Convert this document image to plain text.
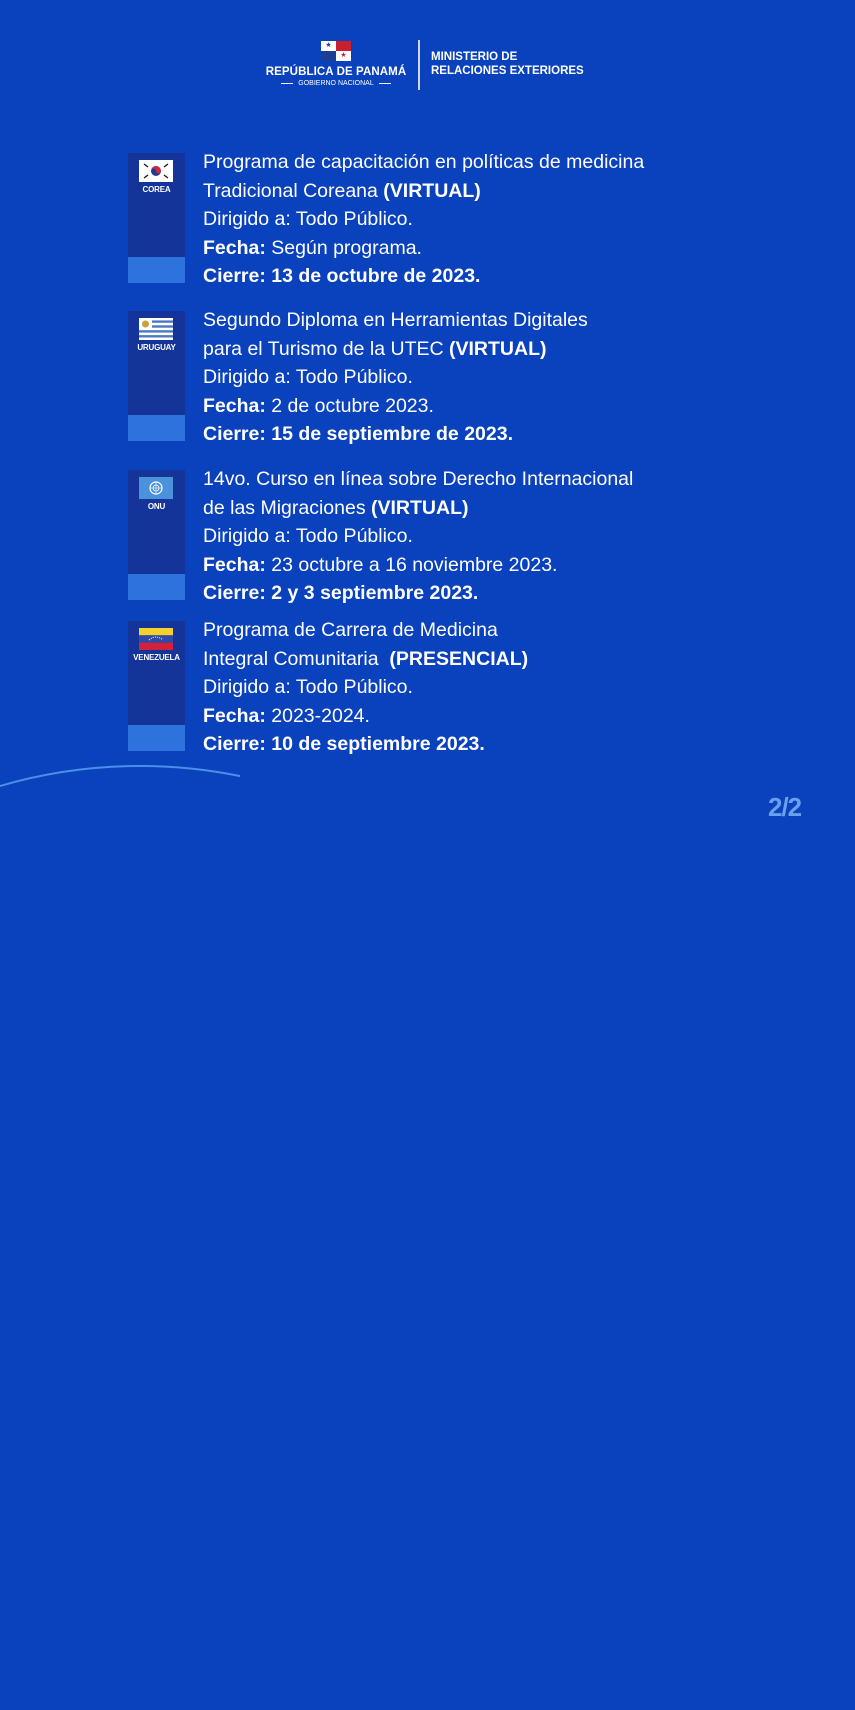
★
★
REPÚBLICA DE PANAMÁ
GOBIERNO NACIONAL
MINISTERIO DE
RELACIONES EXTERIORES
COREA
Programa de capacitación en políticas de medicina
Tradicional Coreana (VIRTUAL)
Dirigido a: Todo Público.
Fecha: Según programa.
Cierre: 13 de octubre de 2023.
URUGUAY
Segundo Diploma en Herramientas Digitales
para el Turismo de la UTEC (VIRTUAL)
Dirigido a: Todo Público.
Fecha: 2 de octubre 2023.
Cierre: 15 de septiembre de 2023.
ONU
14vo. Curso en línea sobre Derecho Internacional
de las Migraciones (VIRTUAL)
Dirigido a: Todo Público.
Fecha: 23 octubre a 16 noviembre 2023.
Cierre: 2 y 3 septiembre 2023.
VENEZUELA
Programa de Carrera de Medicina
Integral Comunitaria  (PRESENCIAL)
Dirigido a: Todo Público.
Fecha: 2023-2024.
Cierre: 10 de septiembre 2023.
2/2
